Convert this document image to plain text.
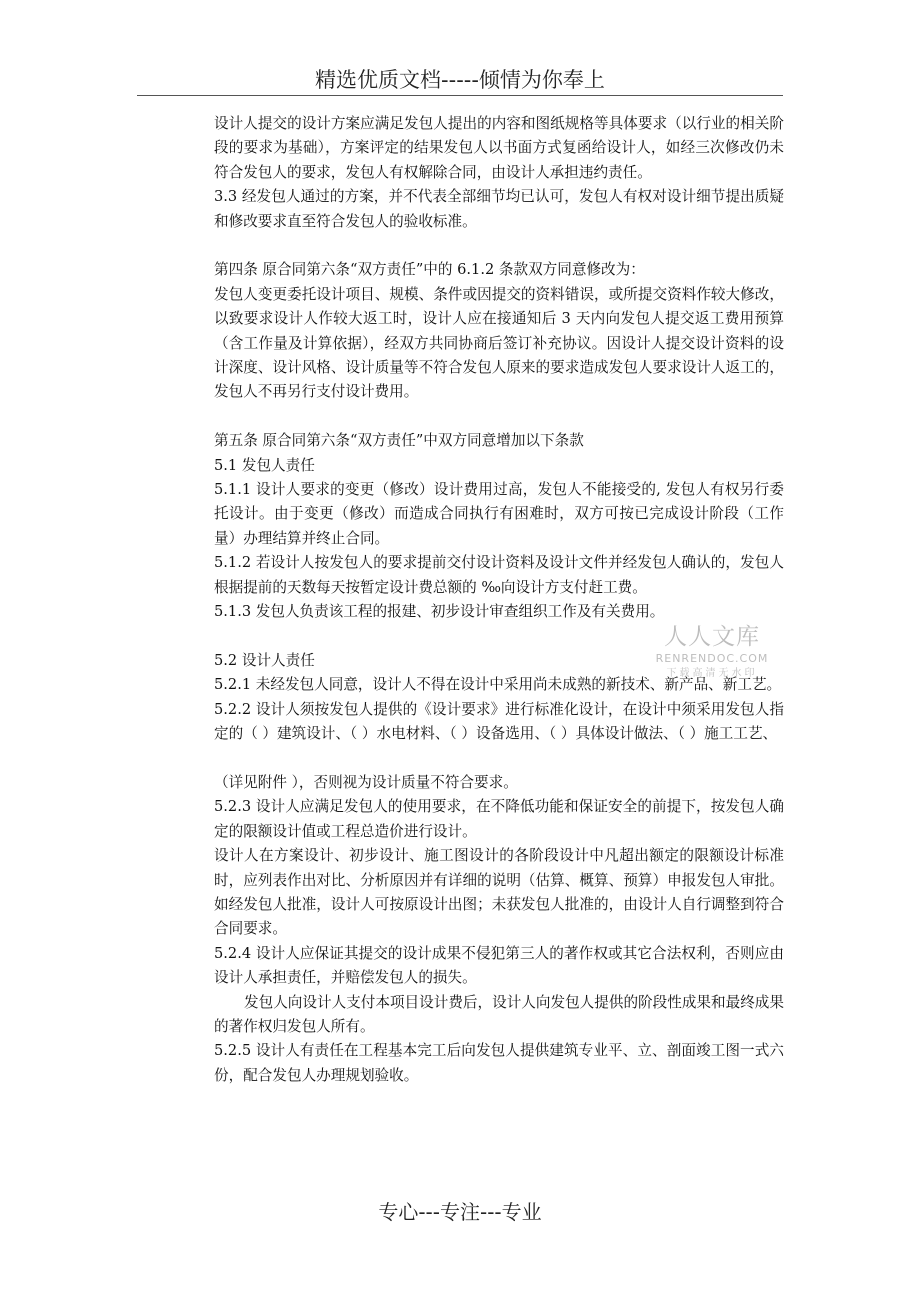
精选优质文档-----倾情为你奉上

设计人提交的设计方案应满足发包人提出的内容和图纸规格等具体要求（以行业的相关阶段的要求为基础），方案评定的结果发包人以书面方式复函给设计人，如经三次修改仍未符合发包人的要求，发包人有权解除合同，由设计人承担违约责任。

3.3 经发包人通过的方案，并不代表全部细节均已认可，发包人有权对设计细节提出质疑和修改要求直至符合发包人的验收标准。

第四条 原合同第六条“双方责任”中的 6.1.2 条款双方同意修改为：

发包人变更委托设计项目、规模、条件或因提交的资料错误，或所提交资料作较大修改，以致要求设计人作较大返工时，设计人应在接通知后 3 天内向发包人提交返工费用预算（含工作量及计算依据），经双方共同协商后签订补充协议。因设计人提交设计资料的设计深度、设计风格、设计质量等不符合发包人原来的要求造成发包人要求设计人返工的，发包人不再另行支付设计费用。

第五条 原合同第六条“双方责任”中双方同意增加以下条款

5.1 发包人责任

5.1.1 设计人要求的变更（修改）设计费用过高，发包人不能接受的, 发包人有权另行委托设计。由于变更（修改）而造成合同执行有困难时，双方可按已完成设计阶段（工作量）办理结算并终止合同。

5.1.2 若设计人按发包人的要求提前交付设计资料及设计文件并经发包人确认的，发包人根据提前的天数每天按暂定设计费总额的 ‰向设计方支付赶工费。

5.1.3 发包人负责该工程的报建、初步设计审查组织工作及有关费用。

5.2 设计人责任

5.2.1 未经发包人同意，设计人不得在设计中采用尚未成熟的新技术、新产品、新工艺。

5.2.2 设计人须按发包人提供的《设计要求》进行标准化设计，在设计中须采用发包人指定的（ ）建筑设计、（ ）水电材料、（ ）设备选用、（ ）具体设计做法、（ ）施工工艺、

（详见附件 ），否则视为设计质量不符合要求。

5.2.3 设计人应满足发包人的使用要求，在不降低功能和保证安全的前提下，按发包人确定的限额设计值或工程总造价进行设计。

设计人在方案设计、初步设计、施工图设计的各阶段设计中凡超出额定的限额设计标准时，应列表作出对比、分析原因并有详细的说明（估算、概算、预算）申报发包人审批。如经发包人批准，设计人可按原设计出图；未获发包人批准的，由设计人自行调整到符合合同要求。

5.2.4 设计人应保证其提交的设计成果不侵犯第三人的著作权或其它合法权利，否则应由设计人承担责任，并赔偿发包人的损失。

发包人向设计人支付本项目设计费后，设计人向发包人提供的阶段性成果和最终成果的著作权归发包人所有。

5.2.5 设计人有责任在工程基本完工后向发包人提供建筑专业平、立、剖面竣工图一式六份，配合发包人办理规划验收。

人人文库
RENRENDOC.COM
下载高清无水印
专心---专注---专业
